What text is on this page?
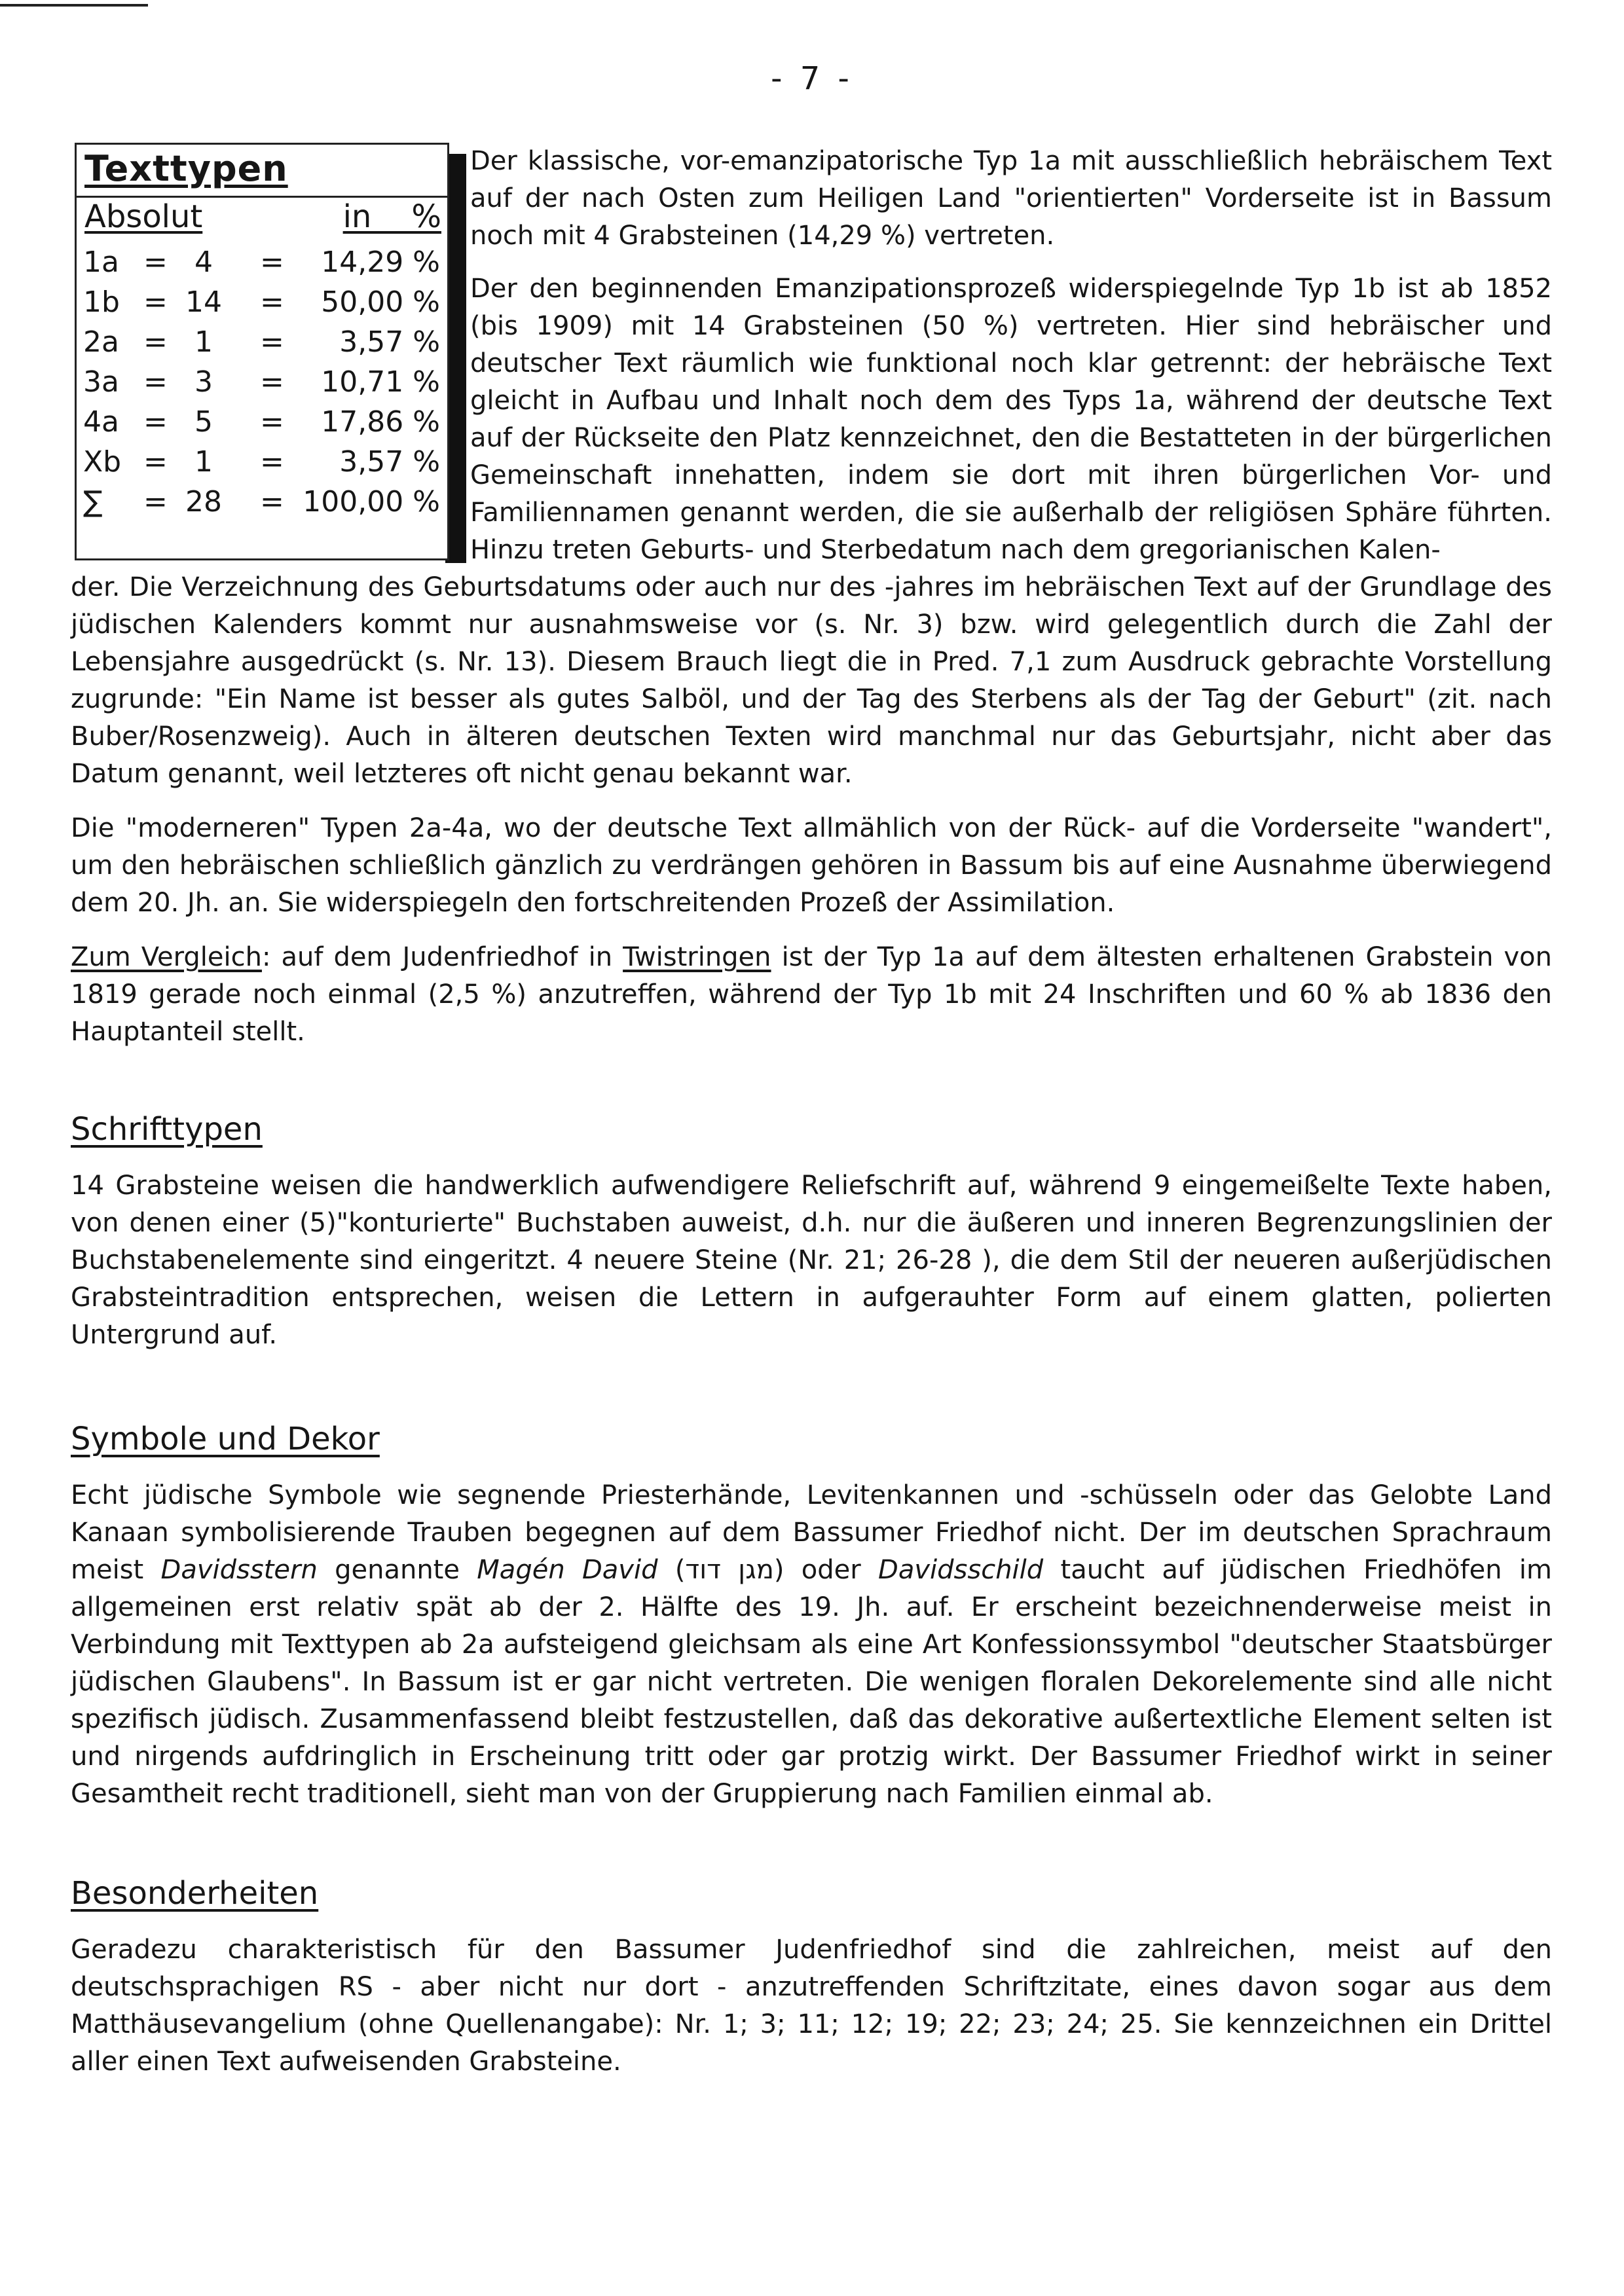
- 7 -
Texttypen
Absolut	in    %
1a = 4	=	14,29 %
1b = 14	=	50,00 %
2a = 1	=	3,57 %
3a = 3	=	10,71 %
4a = 5	=	17,86 %
Xb = 1	=	3,57 %
∑ = 28	= 100,00 %

Der klassische, vor-emanzipatorische Typ 1a mit ausschließlich hebräischem Text auf der nach Osten zum Heiligen Land "orientierten" Vorderseite ist in Bassum noch mit 4 Grabsteinen (14,29 %) vertreten.

Der den beginnenden Emanzipationsprozeß widerspiegelnde Typ 1b ist ab 1852 (bis 1909) mit 14 Grabsteinen (50 %) vertreten. Hier sind hebräischer und deutscher Text räumlich wie funktional noch klar getrennt: der hebräische Text gleicht in Aufbau und Inhalt noch dem des Typs 1a, während der deutsche Text auf der Rückseite den Platz kennzeichnet, den die Bestatteten in der bürgerlichen Gemeinschaft innehatten, indem sie dort mit ihren bürgerlichen Vor- und Familiennamen genannt werden, die sie außerhalb der religiösen Sphäre führten. Hinzu treten Geburts- und Sterbedatum nach dem gregorianischen Kalen-

der. Die Verzeichnung des Geburtsdatums oder auch nur des -jahres im hebräischen Text auf der Grundlage des jüdischen Kalenders kommt nur ausnahmsweise vor (s. Nr. 3) bzw. wird gelegentlich durch die Zahl der Lebensjahre ausgedrückt (s. Nr. 13). Diesem Brauch liegt die in Pred. 7,1 zum Ausdruck gebrachte Vorstellung zugrunde: "Ein Name ist besser als gutes Salböl, und der Tag des Sterbens als der Tag der Geburt" (zit. nach Buber/Rosenzweig). Auch in älteren deutschen Texten wird manchmal nur das Geburtsjahr, nicht aber das Datum genannt, weil letzteres oft nicht genau bekannt war.

Die "moderneren" Typen 2a-4a, wo der deutsche Text allmählich von der Rück- auf die Vorderseite "wandert", um den hebräischen schließlich gänzlich zu verdrängen gehören in Bassum bis auf eine Ausnahme überwiegend dem 20. Jh. an. Sie widerspiegeln den fortschreitenden Prozeß der Assimilation.

Zum Vergleich: auf dem Judenfriedhof in Twistringen ist der Typ 1a auf dem ältesten erhaltenen Grabstein von 1819 gerade noch einmal (2,5 %) anzutreffen, während der Typ 1b mit 24 Inschriften und 60 % ab 1836 den Hauptanteil stellt.

Schrifttypen

14 Grabsteine weisen die handwerklich aufwendigere Reliefschrift auf, während 9 eingemeißelte Texte haben, von denen einer (5)"konturierte" Buchstaben auweist, d.h. nur die äußeren und inneren Begrenzungslinien der Buchstabenelemente sind eingeritzt. 4 neuere Steine (Nr. 21; 26-28 ), die dem Stil der neueren außerjüdischen Grabsteintradition entsprechen, weisen die Lettern in aufgerauhter Form auf einem glatten, polierten Untergrund auf.

Symbole und Dekor

Echt jüdische Symbole wie segnende Priesterhände, Levitenkannen und -schüsseln oder das Gelobte Land Kanaan symbolisierende Trauben begegnen auf dem Bassumer Friedhof nicht. Der im deutschen Sprachraum meist Davidsstern genannte Magén David (מגן דוד) oder Davidsschild taucht auf jüdischen Friedhöfen im allgemeinen erst relativ spät ab der 2. Hälfte des 19. Jh. auf. Er erscheint bezeichnenderweise meist in Verbindung mit Texttypen ab 2a aufsteigend gleichsam als eine Art Konfessionssymbol "deutscher Staatsbürger jüdischen Glaubens". In Bassum ist er gar nicht vertreten. Die wenigen floralen Dekorelemente sind alle nicht spezifisch jüdisch. Zusammenfassend bleibt festzustellen, daß das dekorative außertextliche Element selten ist und nirgends aufdringlich in Erscheinung tritt oder gar protzig wirkt. Der Bassumer Friedhof wirkt in seiner Gesamtheit recht traditionell, sieht man von der Gruppierung nach Familien einmal ab.

Besonderheiten

Geradezu charakteristisch für den Bassumer Judenfriedhof sind die zahlreichen, meist auf den deutschsprachigen RS - aber nicht nur dort - anzutreffenden Schriftzitate, eines davon sogar aus dem Matthäusevangelium (ohne Quellenangabe): Nr. 1; 3; 11; 12; 19; 22; 23; 24; 25. Sie kennzeichnen ein Drittel aller einen Text aufweisenden Grabsteine.
